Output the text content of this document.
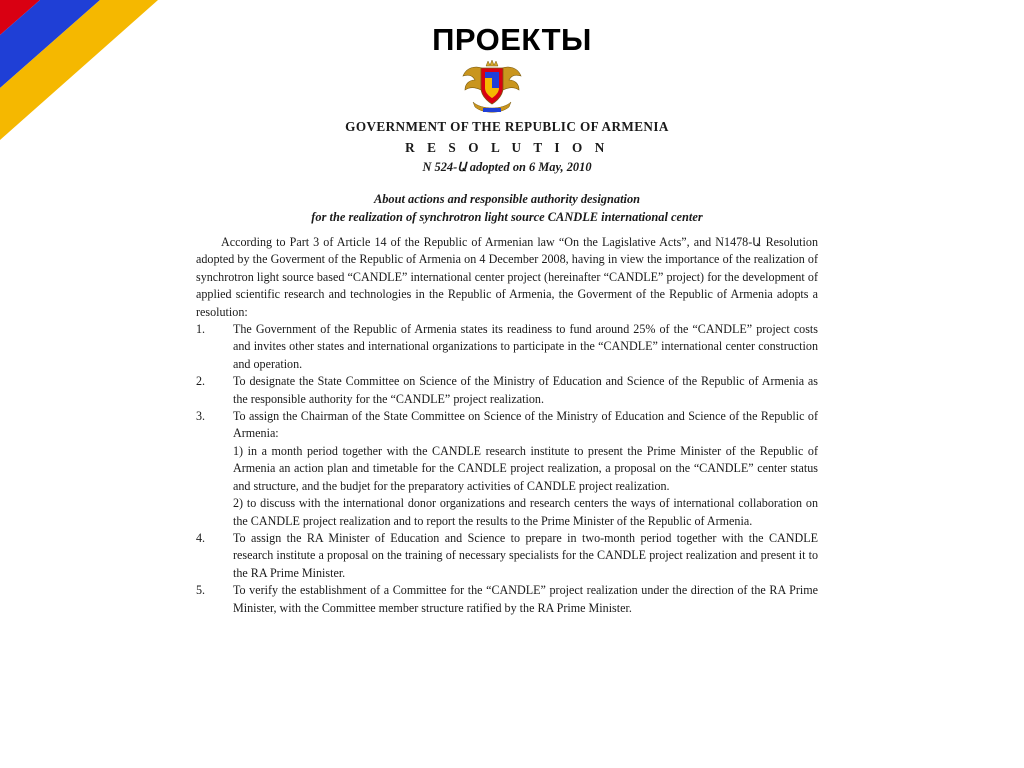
ПРОЕКТЫ

GOVERNMENT OF THE REPUBLIC OF ARMENIA

R E S O L U T I O N

N 524-Ա adopted on 6 May, 2010

About actions and responsible authority designation
for the realization of synchrotron light source CANDLE international center

According to Part 3 of Article 14 of the Republic of Armenian law “On the Lagislative Acts”, and N1478-Ա Resolution adopted by the Goverment of the Republic of Armenia on 4 December 2008, having in view the importance of the realization of synchrotron light source based “CANDLE” international center project (hereinafter “CANDLE” project) for the development of applied scientific research and technologies in the Republic of Armenia, the Goverment of the Republic of Armenia adopts a resolution:

1.	The Government of the Republic of Armenia states its readiness to fund around 25% of the “CANDLE” project costs and invites other states and international organizations to participate in the “CANDLE” international center construction and operation.
2.	To designate the State Committee on Science of the Ministry of Education and Science of the Republic of Armenia as the responsible authority for the “CANDLE” project realization.
3.	To assign the Chairman of the State Committee on Science of the Ministry of Education and Science of the Republic of Armenia:

1) in a month period together with the CANDLE research institute to present the Prime Minister of the Republic of Armenia an action plan and timetable for the CANDLE project realization, a proposal on the “CANDLE” center status and structure, and the budjet for the preparatory activities of CANDLE project realization.

2) to discuss with the international donor organizations and research centers the ways of international collaboration on the CANDLE project realization and to report the results to the Prime Minister of the Republic of Armenia.

4.	To assign the RA Minister of Education and Science to prepare in two-month period together with the CANDLE research institute a proposal on the training of necessary specialists for the CANDLE project realization and present it to the RA Prime Minister.
5.	To verify the establishment of a Committee for the “CANDLE” project realization under the direction of the RA Prime Minister, with the Committee member structure ratified by the RA Prime Minister.
